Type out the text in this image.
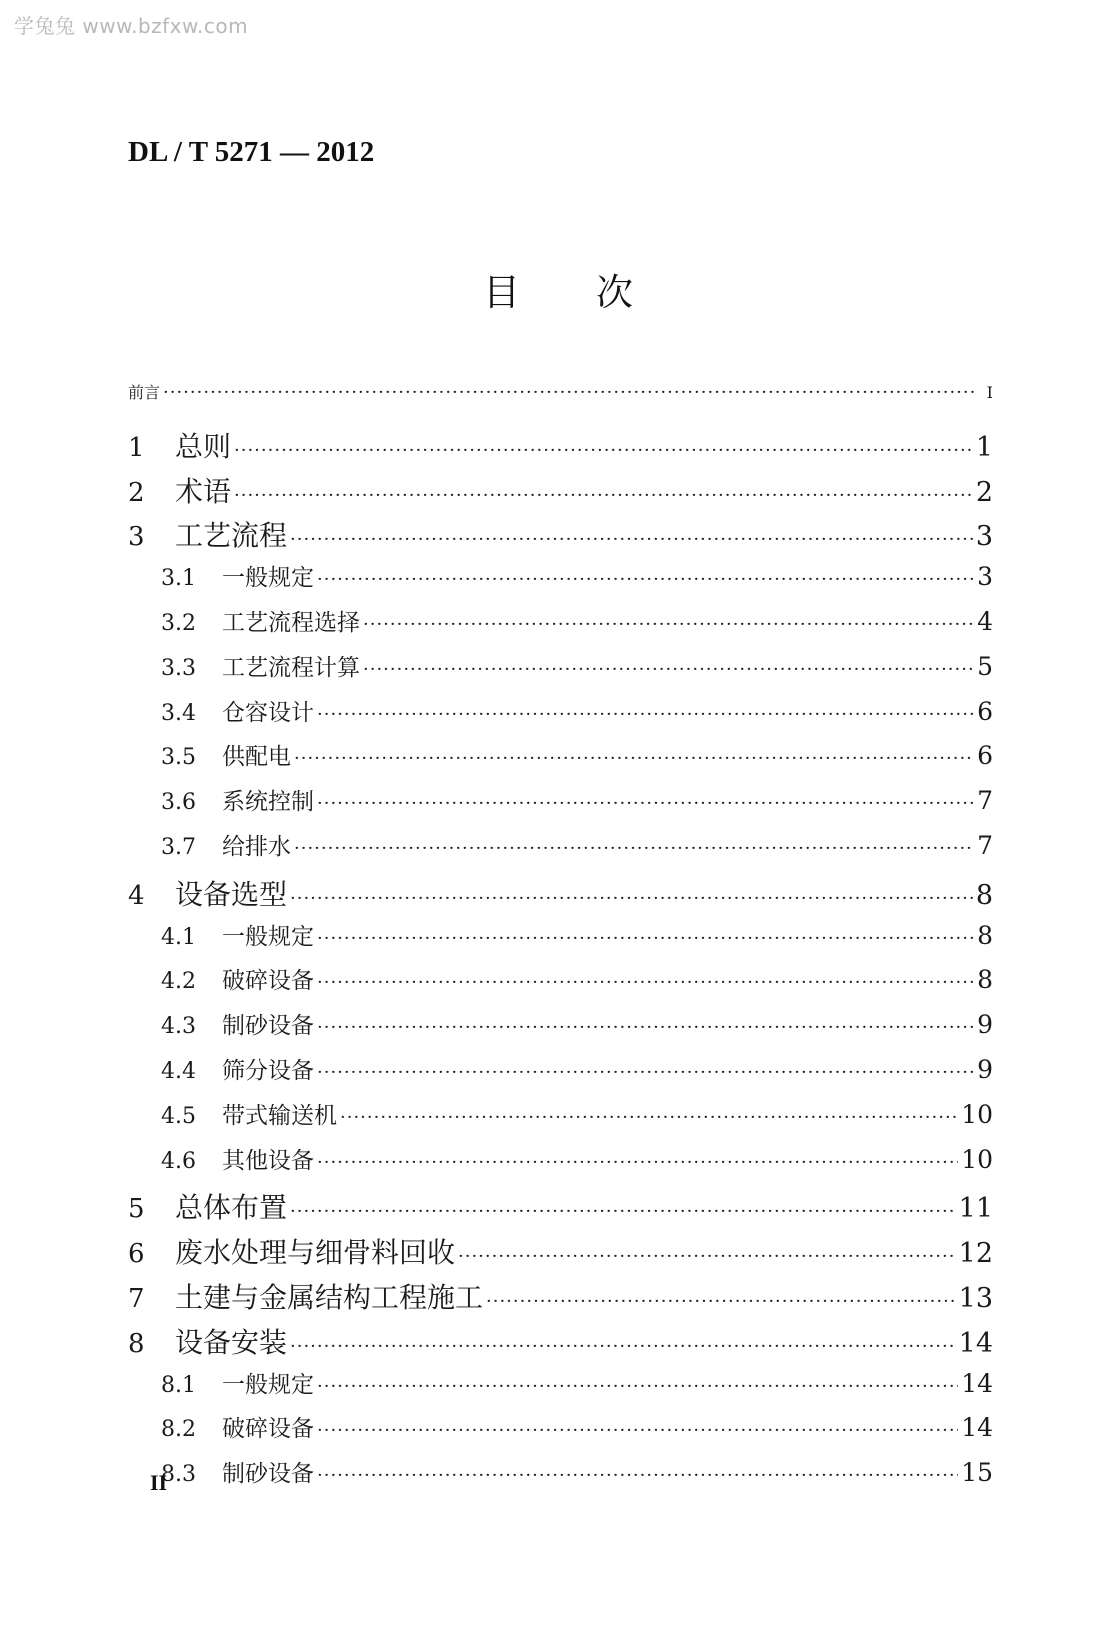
学兔兔 www.bzfxw.com
DL / T 5271 — 2012
目次
前言 ·····	I
1	总则 ·····	1
2	术语 ·····	2
3	工艺流程 ·····	3
3.1	一般规定 ·····	3
3.2	工艺流程选择 ·····	4
3.3	工艺流程计算 ·····	5
3.4	仓容设计 ·····	6
3.5	供配电 ·····	6
3.6	系统控制 ·····	7
3.7	给排水 ·····	7
4	设备选型 ·····	8
4.1	一般规定 ·····	8
4.2	破碎设备 ·····	8
4.3	制砂设备 ·····	9
4.4	筛分设备 ·····	9
4.5	带式输送机 ·····	10
4.6	其他设备 ·····	10
5	总体布置 ·····	11
6	废水处理与细骨料回收 ·····	12
7	土建与金属结构工程施工 ·····	13
8	设备安装 ·····	14
8.1	一般规定 ·····	14
8.2	破碎设备 ·····	14
8.3	制砂设备 ·····	15
II
